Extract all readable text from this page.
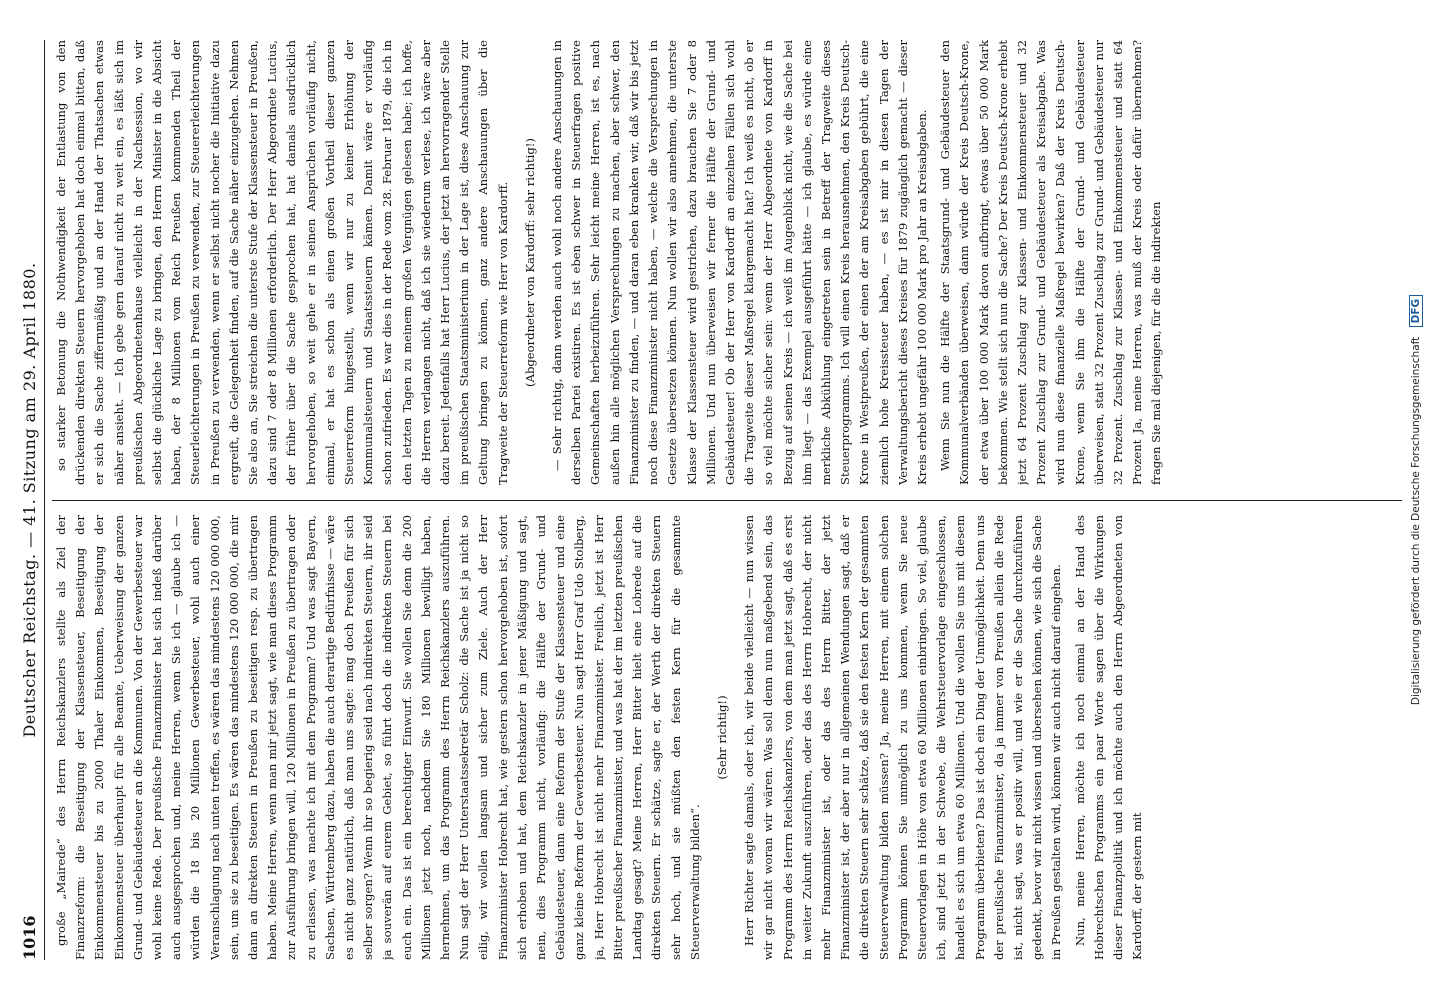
1016
Deutscher Reichstag. — 41. Sitzung am 29. April 1880. große „Mairede“ des Herrn Reichskanzlers stellte als Ziel der Finanzreform: die Beseitigung der Klassensteuer, Beseitigung der Einkommensteuer bis zu 2000 Thaler Einkommen, Beseitigung der Einkommensteuer überhaupt für alle Beamte, Ueberweisung der ganzen Grund- und Gebäudesteuer an die Kommunen. Von der Gewerbesteuer war wohl keine Rede. Der preußische Finanzminister hat sich indeß darüber auch ausgesprochen und, meine Herren, wenn Sie ich — glaube ich — würden die 18 bis 20 Millionen Gewerbesteuer, wohl auch einer Veranschlagung nach unten treffen, es wären das mindestens 120 000 000, sein, um sie zu beseitigen. Es wären das mindestens 120 000 000, die mir dann an direkten Steuern in Preußen zu beseitigen resp. zu übertragen haben. Meine Herren, wenn man mir jetzt sagt, wie man dieses Programm zur Ausführung bringen will, 120 Millionen in Preußen zu übertragen oder zu erlassen, was machte ich mit dem Programm? Und was sagt Bayern, Sachsen, Württemberg dazu, haben die auch derartige Bedürfnisse — wäre es nicht ganz natürlich, daß man uns sagte: mag doch Preußen für sich selber sorgen? Wenn ihr so begierig seid nach indirekten Steuern, ihr seid ja souverän auf eurem Gebiet, so führt doch die indirekten Steuern bei euch ein. Das ist ein berechtigter Einwurf. Sie wollen Sie denn die 200 Millionen jetzt noch, nachdem Sie 180 Millionen bewilligt haben, hernehmen, um das Programm des Herrn Reichskanzlers auszuführen. Nun sagt der Herr Unterstaatssekretär Scholz: die Sache ist ja nicht so eilig, wir wollen langsam und sicher zum Ziele. Auch der Herr Finanzminister Hobrecht hat, wie gestern schon hervorgehoben ist, sofort sich erhoben und hat, dem Reichskanzler in jener Mäßigung und sagt, nein, dies Programm nicht, vorläufig: die Hälfte der Grund- und Gebäudesteuer, dann eine Reform der Stufe der Klassensteuer und eine ganz kleine Reform der Gewerbesteuer. Nun sagt Herr Graf Udo Stolberg, ja, Herr Hobrecht ist nicht mehr Finanzminister. Freilich, jetzt ist Herr Bitter preußischer Finanzminister, und was hat der im letzten preußischen Landtag gesagt? Meine Herren, Herr Bitter hielt eine Lobrede auf die direkten Steuern. Er schätze, sagte er, der Werth der direkten Steuern sehr hoch, und sie müßten den festen Kern für die gesammte Steuerverwaltung bilden“.

(Sehr richtig!) Herr Richter sagte damals, oder ich, wir beide vielleicht — nun wissen wir gar nicht woran wir wären. Was soll denn nun maßgebend sein, das Programm des Herrn Reichskanzlers, von dem man jetzt sagt, daß es erst in weiter Zukunft auszuführen, oder das des Herrn Hobrecht, der nicht mehr Finanzminister ist, oder das des Herrn Bitter, der jetzt Finanzminister ist, der aber nur in allgemeinen Wendungen sagt, daß er die direkten Steuern sehr schätze, daß sie den festen Kern der gesammten Steuerverwaltung bilden müssen? Ja, meine Herren, mit einem solchen Programm können Sie unmöglich zu uns kommen, wenn Sie neue Steuervorlagen in Höhe von etwa 60 Millionen einbringen. So viel, glaube ich, sind jetzt in der Schwebe, die Wehrsteuervorlage eingeschlossen, handelt es sich um etwa 60 Millionen. Und die wollen Sie uns mit diesem Programm überbieten? Das ist doch ein Ding der Unmöglichkeit. Denn uns der preußische Finanzminister, da ja immer von Preußen allein die Rede ist, nicht sagt, was er positiv will, und wie er die Sache durchzuführen gedenkt, bevor wir nicht wissen und übersehen können, wie sich die Sache in Preußen gestalten wird, können wir auch nicht darauf eingehen. Nun, meine Herren, möchte ich noch einmal an der Hand des Hobrechtschen Programms ein paar Worte sagen über die Wirkungen dieser Finanzpolitik und ich möchte auch den Herrn Abgeordneten von Kardorff, der gestern mit

so starker Betonung die Nothwendigkeit der Entlastung von den drückenden direkten Steuern hervorgehoben hat doch einmal bitten, daß er sich die Sache ziffernmäßig und an der Hand der Thatsachen etwas näher ansieht. — Ich gebe gern darauf nicht zu weit ein, es läßt sich im preußischen Abgeordnetenhause vielleicht in der Nachsession, wo wir selbst die glückliche Lage zu bringen, den Herrn Minister in die Absicht haben, der 8 Millionen vom Reich Preußen kommenden Theil der Steuerleichterungen in Preußen zu verwenden, zur Steuererleichterungen in Preußen zu verwenden, wenn er selbst nicht nocher die Initiative dazu ergreift, die Gelegenheit finden, auf die Sache näher einzugehen. Nehmen Sie also an, Sie streichen die unterste Stufe der Klassensteuer in Preußen, dazu sind 7 oder 8 Millionen erforderlich. Der Herr Abgeordnete Lucius, der früher über die Sache gesprochen hat, hat damals ausdrücklich hervorgehoben, so weit gehe er in seinen Ansprüchen vorläufig nicht, einmal, er hat es schon als einen großen Vortheil dieser ganzen Steuerreform hingestellt, wenn wir nur zu keiner Erhöhung der Kommunalsteuern und Staatssteuern kämen. Damit wäre er vorläufig schon zufrieden. Es war dies in der Rede vom 28. Februar 1879, die ich in den letzten Tagen zu meinem großen Vergnügen gelesen habe; ich hoffe, die Herren verlangen nicht, daß ich sie wiederum verlese, ich wäre aber dazu bereit. Jedenfalls hat Herr Lucius, der jetzt an hervorragender Stelle im preußischen Staatsministerium in der Lage ist, diese Anschauung zur Geltung bringen zu können, ganz andere Anschauungen über die Tragweite der Steuerreform wie Herr von Kardorff. (Abgeordneter von Kardorff: sehr richtig!) — Sehr richtig, dann werden auch wohl noch andere Anschauungen in derselben Partei existiren. Es ist eben schwer in Steuerfragen positive Gemeinschaften herbeizuführen. Sehr leicht meine Herren, ist es, nach außen hin alle möglichen Versprechungen zu machen, aber schwer, den Finanzminister zu finden, — und daran eben kranken wir, daß wir bis jetzt noch diese Finanzminister nicht haben, — welche die Versprechungen in Gesetze übersetzen können. Nun wollen wir also annehmen, die unterste Klasse der Klassensteuer wird gestrichen, dazu brauchen Sie 7 oder 8 Millionen. Und nun überweisen wir ferner die Hälfte der Grund- und Gebäudesteuer! Ob der Herr von Kardorff an einzelnen Fällen sich wohl die Tragweite dieser Maßregel klargemacht hat? Ich weiß es nicht, ob er so viel möchte sicher sein: wenn der Herr Abgeordnete von Kardorff in Bezug auf seinen Kreis — ich weiß im Augenblick nicht, wie die Sache bei ihm liegt — das Exempel ausgeführt hätte — ich glaube, es würde eine merkliche Abkühlung eingetreten sein in Betreff der Tragweite dieses Steuerprogramms. Ich will einen Kreis herausnehmen, den Kreis Deutsch-Krone in Westpreußen, der einen der am Kreisabgaben gebührt, die eine ziemlich hohe Kreissteuer haben, — es ist mir in diesen Tagen der Verwaltungsbericht dieses Kreises für 1879 zugänglich gemacht — dieser Kreis erhebt ungefähr 100 000 Mark pro Jahr an Kreisabgaben. Wenn Sie nun die Hälfte der Staatsgrund- und Gebäudesteuer den Kommunalverbänden überweisen, dann würde der Kreis Deutsch-Krone, der etwa über 100 000 Mark davon aufbringt, etwas über 50 000 Mark bekommen. Wie stellt sich nun die Sache? Der Kreis Deutsch-Krone erhebt jetzt 64 Prozent Zuschlag zur Klassen- und Einkommensteuer und 32 Prozent Zuschlag zur Grund- und Gebäudesteuer als Kreisabgabe. Was wird nun diese finanzielle Maßregel bewirken? Daß der Kreis Deutsch-Krone, wenn Sie ihm die Hälfte der Grund- und Gebäudesteuer überweisen, statt 32 Prozent Zuschlag zur Grund- und Gebäudesteuer nur 32 Prozent. Zuschlag zur Klassen- und Einkommensteuer und statt 64 Prozent Ja, meine Herren, was muß der Kreis oder dafür übernehmen? fragen Sie mal diejenigen, für die die indirekten	Digitalisierung gefördert durch die Deutsche Forschungsgemeinschaft DFG
